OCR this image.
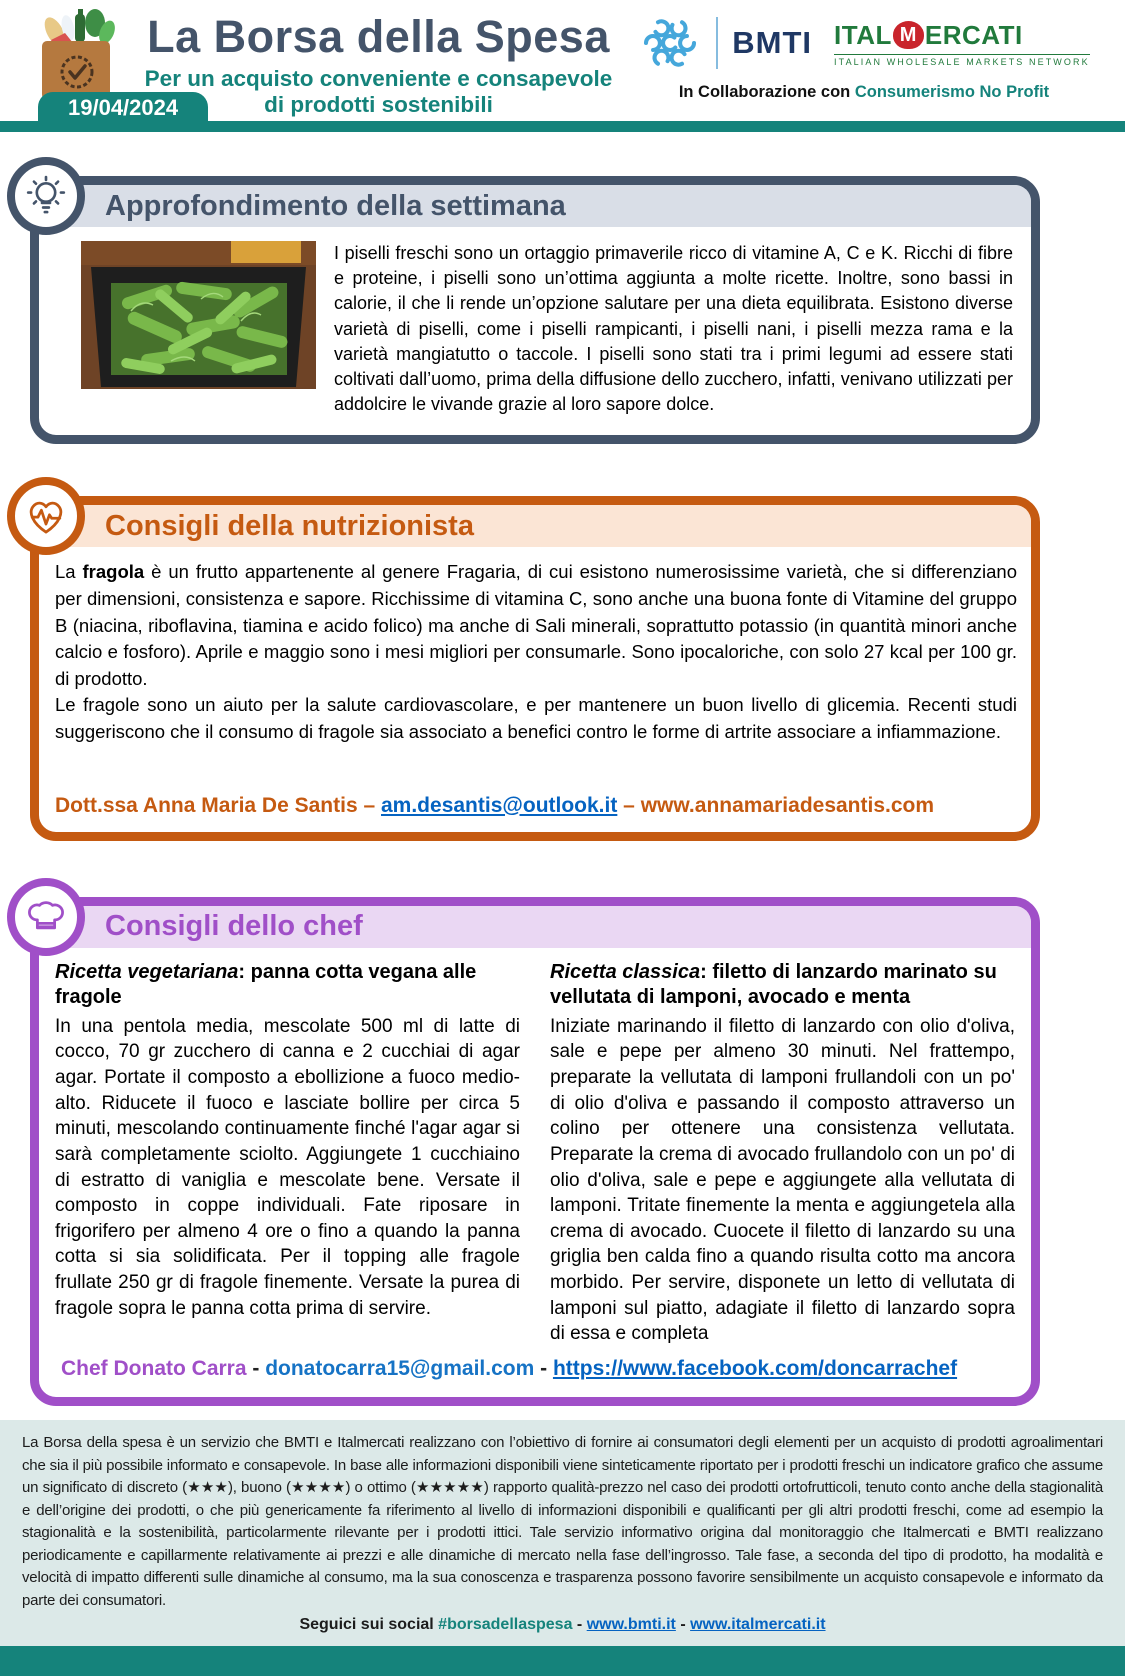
La Borsa della Spesa
Per un acquisto conveniente e consapevole
di prodotti sostenibili
BMTI ITAL M ERCATI
ITALIAN WHOLESALE MARKETS NETWORK
In Collaborazione con Consumerismo No Profit
19/04/2024
Approfondimento della settimana
I piselli freschi sono un ortaggio primaverile ricco di vitamine A, C e K. Ricchi di fibre e proteine, i piselli sono un’ottima aggiunta a molte ricette. Inoltre, sono bassi in calorie, il che li rende un’opzione salutare per una dieta equilibrata. Esistono diverse varietà di piselli, come i piselli rampicanti, i piselli nani, i piselli mezza rama e la varietà mangiatutto o taccole. I piselli sono stati tra i primi legumi ad essere stati coltivati dall’uomo, prima della diffusione dello zucchero, infatti, venivano utilizzati per addolcire le vivande grazie al loro sapore dolce.
Consigli della nutrizionista

La fragola è un frutto appartenente al genere Fragaria, di cui esistono numerosissime varietà, che si differenziano per dimensioni, consistenza e sapore. Ricchissime di vitamina C, sono anche una buona fonte di Vitamine del gruppo B (niacina, riboflavina, tiamina e acido folico) ma anche di Sali minerali, soprattutto potassio (in quantità minori anche calcio e fosforo). Aprile e maggio sono i mesi migliori per consumarle. Sono ipocaloriche, con solo 27 kcal per 100 gr. di prodotto.

Le fragole sono un aiuto per la salute cardiovascolare, e per mantenere un buon livello di glicemia. Recenti studi suggeriscono che il consumo di fragole sia associato a benefici contro le forme di artrite associare a infiammazione.

Dott.ssa Anna Maria De Santis – am.desantis@outlook.it – www.annamariadesantis.com
Consigli dello chef
Ricetta vegetariana: panna cotta vegana alle fragole
In una pentola media, mescolate 500 ml di latte di cocco, 70 gr zucchero di canna e 2 cucchiai di agar agar. Portate il composto a ebollizione a fuoco medio-alto. Riducete il fuoco e lasciate bollire per circa 5 minuti, mescolando continuamente finché l'agar agar si sarà completamente sciolto. Aggiungete 1 cucchiaino di estratto di vaniglia e mescolate bene. Versate il composto in coppe individuali. Fate riposare in frigorifero per almeno 4 ore o fino a quando la panna cotta si sia solidificata. Per il topping alle fragole frullate 250 gr di fragole finemente. Versate la purea di fragole sopra le panna cotta prima di servire.
Ricetta classica: filetto di lanzardo marinato su vellutata di lamponi, avocado e menta
Iniziate marinando il filetto di lanzardo con olio d'oliva, sale e pepe per almeno 30 minuti. Nel frattempo, preparate la vellutata di lamponi frullandoli con un po' di olio d'oliva e passando il composto attraverso un colino per ottenere una consistenza vellutata. Preparate la crema di avocado frullandolo con un po' di olio d'oliva, sale e pepe e aggiungete alla vellutata di lamponi. Tritate finemente la menta e aggiungetela alla crema di avocado. Cuocete il filetto di lanzardo su una griglia ben calda fino a quando risulta cotto ma ancora morbido. Per servire, disponete un letto di vellutata di lamponi sul piatto, adagiate il filetto di lanzardo sopra di essa e completa
Chef Donato Carra - donatocarra15@gmail.com - https://www.facebook.com/doncarrachef
La Borsa della spesa è un servizio che BMTI e Italmercati realizzano con l’obiettivo di fornire ai consumatori degli elementi per un acquisto di prodotti agroalimentari che sia il più possibile informato e consapevole. In base alle informazioni disponibili viene sinteticamente riportato per i prodotti freschi un indicatore grafico che assume un significato di discreto (★★★), buono (★★★★) o ottimo (★★★★★) rapporto qualità-prezzo nel caso dei prodotti ortofrutticoli, tenuto conto anche della stagionalità e dell’origine dei prodotti, o che più genericamente fa riferimento al livello di informazioni disponibili e qualificanti per gli altri prodotti freschi, come ad esempio la stagionalità e la sostenibilità, particolarmente rilevante per i prodotti ittici. Tale servizio informativo origina dal monitoraggio che Italmercati e BMTI realizzano periodicamente e capillarmente relativamente ai prezzi e alle dinamiche di mercato nella fase dell’ingrosso. Tale fase, a seconda del tipo di prodotto, ha modalità e velocità di impatto differenti sulle dinamiche al consumo, ma la sua conoscenza e trasparenza possono favorire sensibilmente un acquisto consapevole e informato da parte dei consumatori.
Seguici sui social #borsadellaspesa - www.bmti.it - www.italmercati.it
